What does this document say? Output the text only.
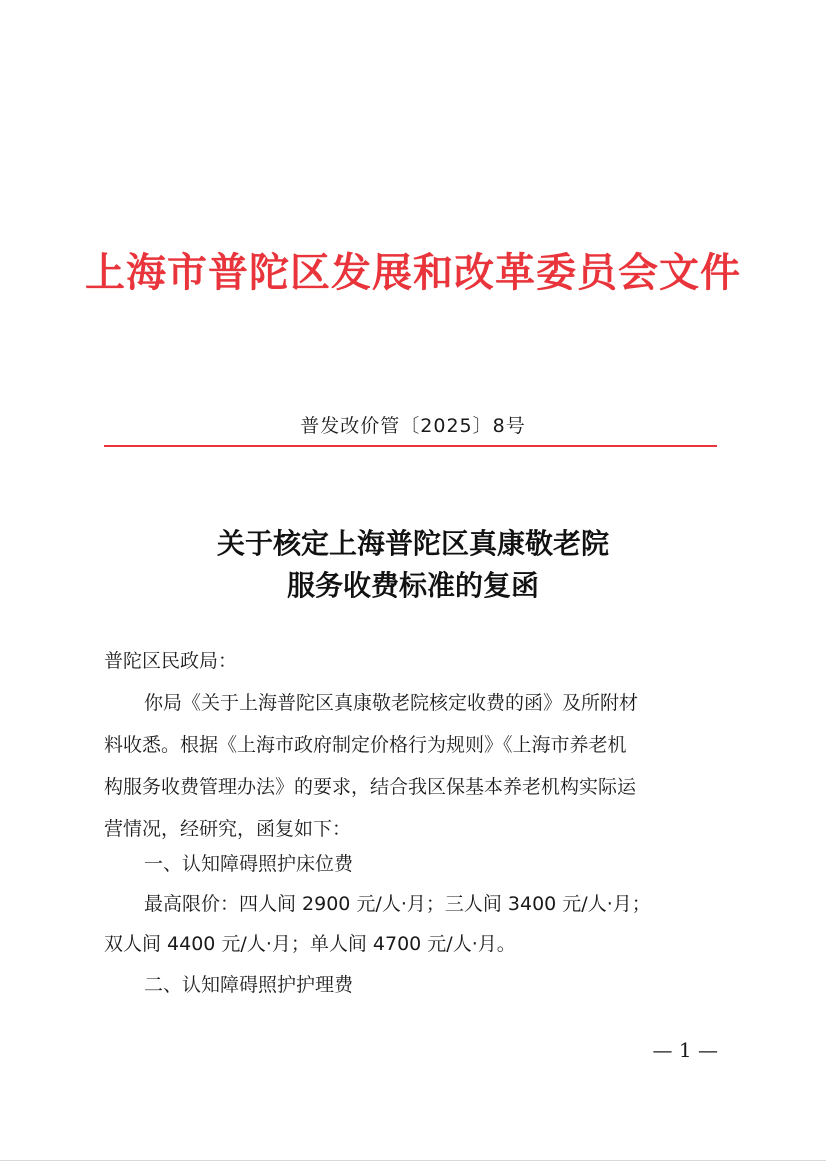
上海市普陀区发展和改革委员会文件
普发改价管〔2025〕8号
关于核定上海普陀区真康敬老院
服务收费标准的复函
普陀区民政局：
你局《关于上海普陀区真康敬老院核定收费的函》及所附材
料收悉。根据《上海市政府制定价格行为规则》《上海市养老机
构服务收费管理办法》的要求，结合我区保基本养老机构实际运
营情况，经研究，函复如下：
一、认知障碍照护床位费
最高限价：四人间 2900 元/人·月；三人间 3400 元/人·月；
双人间 4400 元/人·月；单人间 4700 元/人·月。
二、认知障碍照护护理费
— 1 —
